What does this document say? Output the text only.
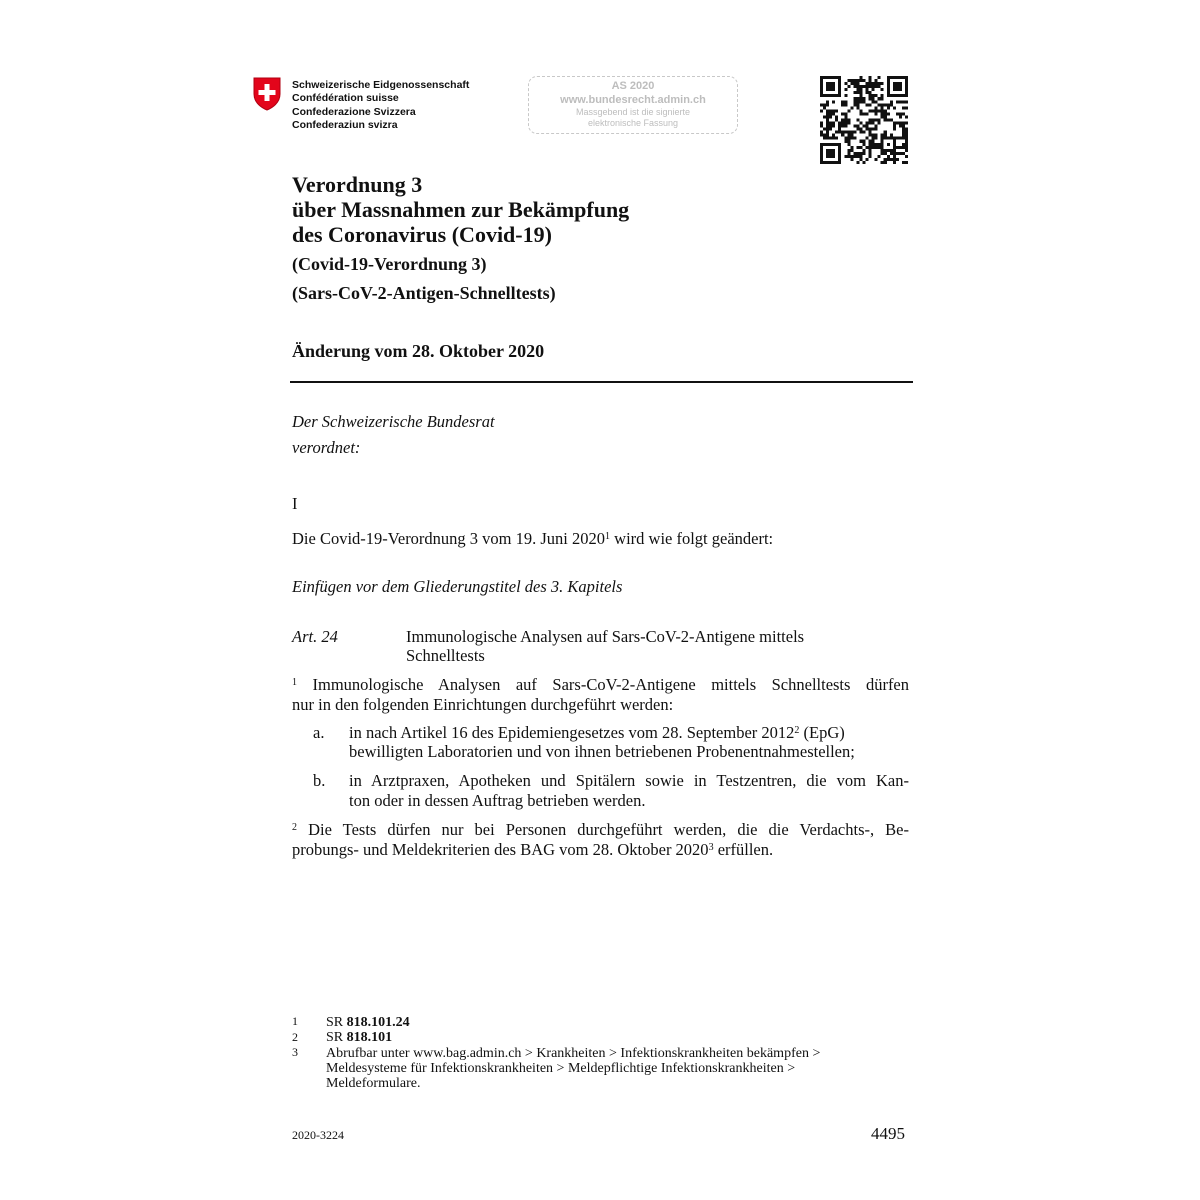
Schweizerische Eidgenossenschaft
Confédération suisse
Confederazione Svizzera
Confederaziun svizra
AS 2020
www.bundesrecht.admin.ch
Massgebend ist die signierte
elektronische Fassung
Verordnung 3
über Massnahmen zur Bekämpfung
des Coronavirus (Covid-19)
(Covid-19-Verordnung 3)
(Sars-CoV-2-Antigen-Schnelltests)
Änderung vom 28. Oktober 2020
Der Schweizerische Bundesrat
verordnet:
I
Die Covid-19-Verordnung 3 vom 19. Juni 2020$^1$ wird wie folgt geändert:
Einfügen vor dem Gliederungstitel des 3. Kapitels
Art. 24	Immunologische Analysen auf Sars-CoV-2-Antigene mittels
Schnelltests
$^1$ Immunologische Analysen auf Sars-CoV-2-Antigene mittels Schnelltests dürfen
nur in den folgenden Einrichtungen durchgeführt werden:
a. in nach Artikel 16 des Epidemiengesetzes vom 28. September 2012$^2$ (EpG)
bewilligten Laboratorien und von ihnen betriebenen Probenentnahmestellen;
b. in Arztpraxen, Apotheken und Spitälern sowie in Testzentren, die vom Kan-
ton oder in dessen Auftrag betrieben werden.
$^2$ Die Tests dürfen nur bei Personen durchgeführt werden, die die Verdachts-, Be-
probungs- und Meldekriterien des BAG vom 28. Oktober 2020$^3$ erfüllen.
1 SR 818.101.24
2 SR 818.101
3 Abrufbar unter www.bag.admin.ch > Krankheiten > Infektionskrankheiten bekämpfen >
Meldesysteme für Infektionskrankheiten > Meldepflichtige Infektionskrankheiten >
Meldeformulare.
2020-3224	4495
